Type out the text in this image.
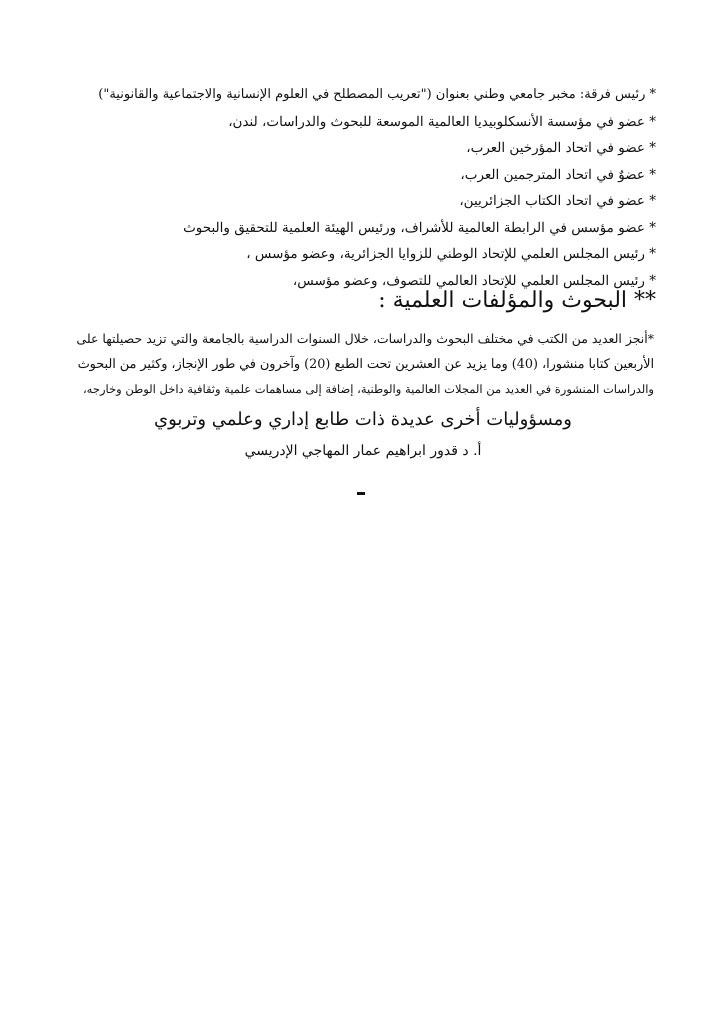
* رئيس فرقة: مخبر جامعي وطني بعنوان ("تعريب المصطلح في العلوم الإنسانية والاجتماعية والقانونية")
* عضو في مؤسسة الأنسكلوبيديا العالمية الموسعة للبحوث والدراسات، لندن،
* عضو في اتحاد المؤرخين العرب،
* عضوٌ في اتحاد المترجمين العرب،
* عضو في اتحاد الكتاب الجزائريين،
* عضو مؤسس في الرابطة العالمية للأشراف، ورئيس الهيئة العلمية للتحقيق والبحوث
* رئيس المجلس العلمي للإتحاد الوطني للزوايا الجزائرية، وعضو مؤسس ،
* رئيس المجلس العلمي للإتحاد العالمي للتصوف، وعضو مؤسس،
** البحوث والمؤلفات العلمية :
*أنجز العديد من الكتب في مختلف البحوث والدراسات، خلال السنوات الدراسية بالجامعة والتي تزيد حصيلتها على
الأربعين كتابا منشورا، (40) وما يزيد عن العشرين تحت الطبع (20) وآخرون في طور الإنجاز، وكثير من البحوث
والدراسات المنشورة في العديد من المجلات العالمية والوطنية، إضافة إلى مساهمات علمية وثقافية داخل الوطن وخارجه،
ومسؤوليات أخرى عديدة ذات طابع إداري وعلمي وتربوي
أ. د قدور ابراهيم عمار المهاجي الإدريسي
